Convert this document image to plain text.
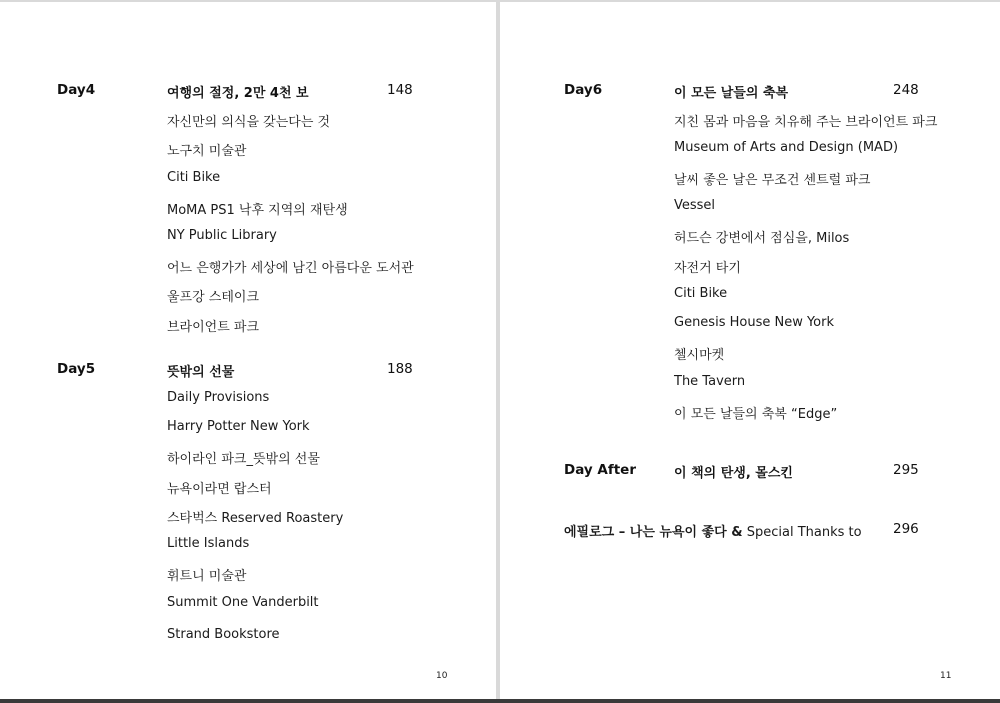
Day4	여행의 절정, 2만 4천 보	148
자신만의 의식을 갖는다는 것
노구치 미술관
Citi Bike
MoMA PS1 낙후 지역의 재탄생
NY Public Library
어느 은행가가 세상에 남긴 아름다운 도서관
울프강 스테이크
브라이언트 파크
Day5	뜻밖의 선물	188
Daily Provisions
Harry Potter New York
하이라인 파크_뜻밖의 선물
뉴욕이라면 랍스터
스타벅스 Reserved Roastery
Little Islands
휘트니 미술관
Summit One Vanderbilt
Strand Bookstore
10
Day6	이 모든 날들의 축복	248
지친 몸과 마음을 치유해 주는 브라이언트 파크
Museum of Arts and Design (MAD)
날씨 좋은 날은 무조건 센트럴 파크
Vessel
허드슨 강변에서 점심을, Milos
자전거 타기
Citi Bike
Genesis House New York
첼시마켓
The Tavern
이 모든 날들의 축복 “Edge”
Day After	이 책의 탄생, 몰스킨	295
에필로그 – 나는 뉴욕이 좋다 & Special Thanks to 296
11
